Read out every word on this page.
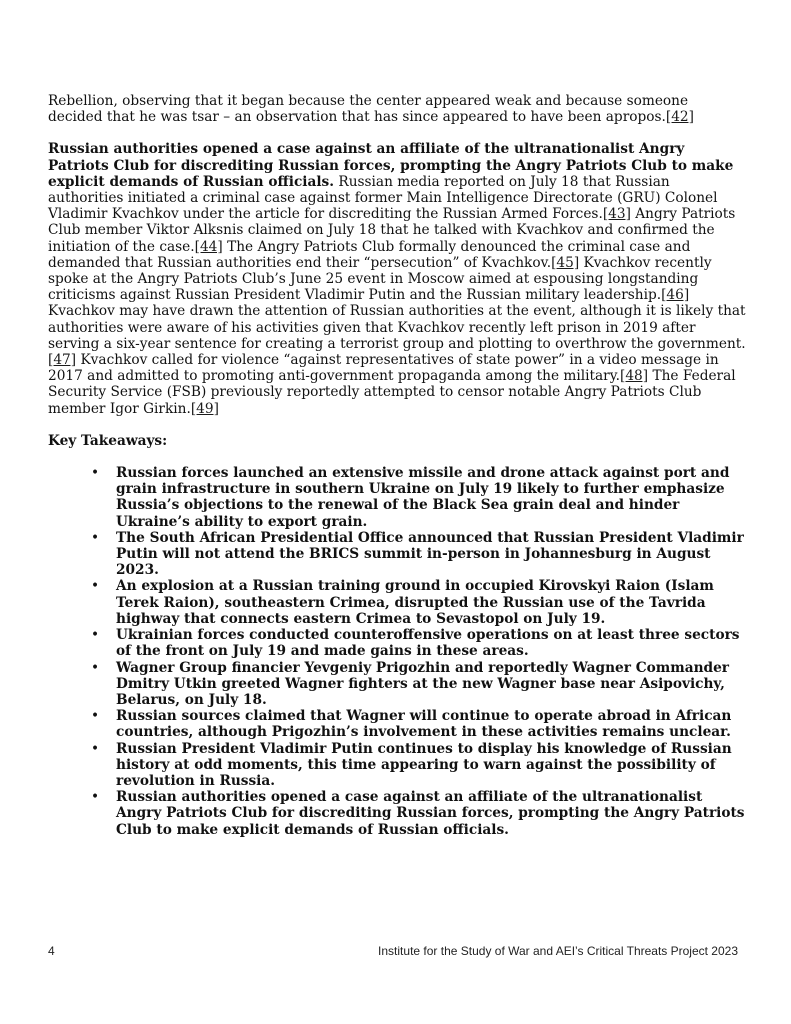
Rebellion, observing that it began because the center appeared weak and because someone decided that he was tsar – an observation that has since appeared to have been apropos.[42]

Russian authorities opened a case against an affiliate of the ultranationalist Angry Patriots Club for discrediting Russian forces, prompting the Angry Patriots Club to make explicit demands of Russian officials. Russian media reported on July 18 that Russian authorities initiated a criminal case against former Main Intelligence Directorate (GRU) Colonel Vladimir Kvachkov under the article for discrediting the Russian Armed Forces.[43] Angry Patriots Club member Viktor Alksnis claimed on July 18 that he talked with Kvachkov and confirmed the initiation of the case.[44] The Angry Patriots Club formally denounced the criminal case and demanded that Russian authorities end their “persecution” of Kvachkov.[45] Kvachkov recently spoke at the Angry Patriots Club’s June 25 event in Moscow aimed at espousing longstanding criticisms against Russian President Vladimir Putin and the Russian military leadership.[46] Kvachkov may have drawn the attention of Russian authorities at the event, although it is likely that authorities were aware of his activities given that Kvachkov recently left prison in 2019 after serving a six-year sentence for creating a terrorist group and plotting to overthrow the government.[47] Kvachkov called for violence “against representatives of state power” in a video message in 2017 and admitted to promoting anti-government propaganda among the military.[48] The Federal Security Service (FSB) previously reportedly attempted to censor notable Angry Patriots Club member Igor Girkin.[49]

Key Takeaways:
• Russian forces launched an extensive missile and drone attack against port and grain infrastructure in southern Ukraine on July 19 likely to further emphasize Russia’s objections to the renewal of the Black Sea grain deal and hinder Ukraine’s ability to export grain.
• The South African Presidential Office announced that Russian President Vladimir Putin will not attend the BRICS summit in-person in Johannesburg in August 2023.
• An explosion at a Russian training ground in occupied Kirovskyi Raion (Islam Terek Raion), southeastern Crimea, disrupted the Russian use of the Tavrida highway that connects eastern Crimea to Sevastopol on July 19.
• Ukrainian forces conducted counteroffensive operations on at least three sectors of the front on July 19 and made gains in these areas.
• Wagner Group financier Yevgeniy Prigozhin and reportedly Wagner Commander Dmitry Utkin greeted Wagner fighters at the new Wagner base near Asipovichy, Belarus, on July 18.
• Russian sources claimed that Wagner will continue to operate abroad in African countries, although Prigozhin’s involvement in these activities remains unclear.
• Russian President Vladimir Putin continues to display his knowledge of Russian history at odd moments, this time appearing to warn against the possibility of revolution in Russia.
• Russian authorities opened a case against an affiliate of the ultranationalist Angry Patriots Club for discrediting Russian forces, prompting the Angry Patriots Club to make explicit demands of Russian officials.
4	Institute for the Study of War and AEI’s Critical Threats Project 2023
